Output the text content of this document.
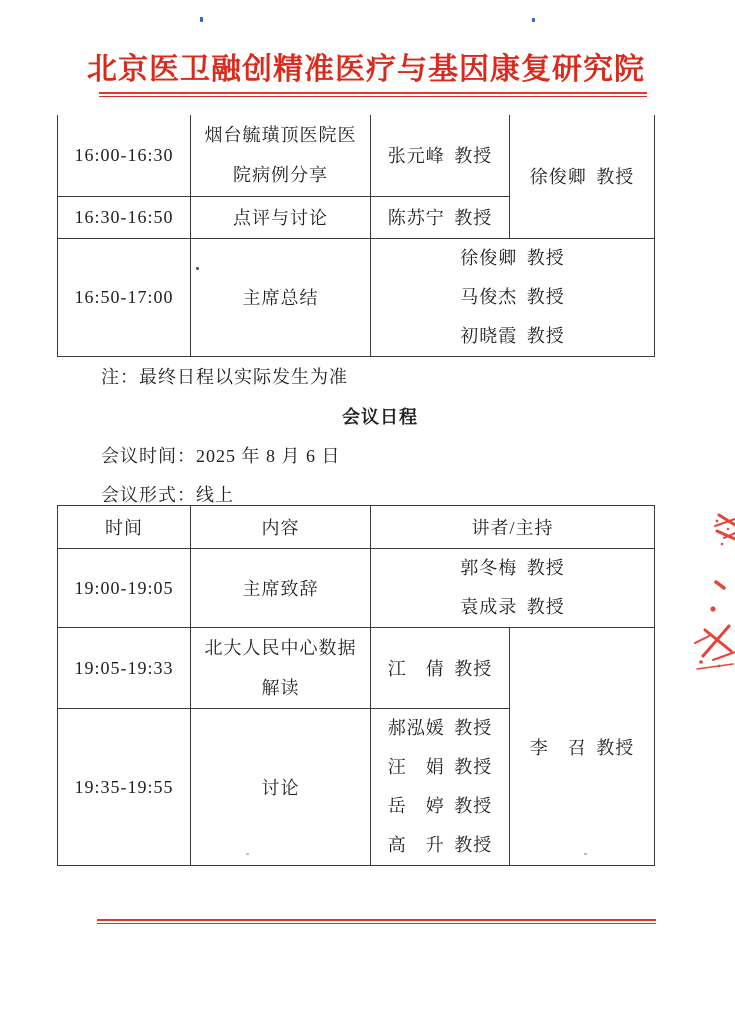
北京医卫融创精准医疗与基因康复研究院
16:00-16:30	烟台毓璜顶医院医
院病例分享	张元峰 教授	徐俊卿 教授
16:30-16:50	点评与讨论	陈苏宁 教授	
16:50-17:00	主席总结	徐俊卿 教授
马俊杰 教授
初晓霞 教授	
注：最终日程以实际发生为准
会议日程
会议时间：2025 年 8 月 6 日
会议形式：线上
时间	内容	讲者/主持	
19:00-19:05	主席致辞	郭冬梅 教授
袁成录 教授	

19:05-19:33	北大人民中心数据
解读	江　倩 教授	李　召 教授
19:35-19:55	讨论	郝泓媛 教授
汪　娟 教授
岳　婷 教授
高　升 教授	
